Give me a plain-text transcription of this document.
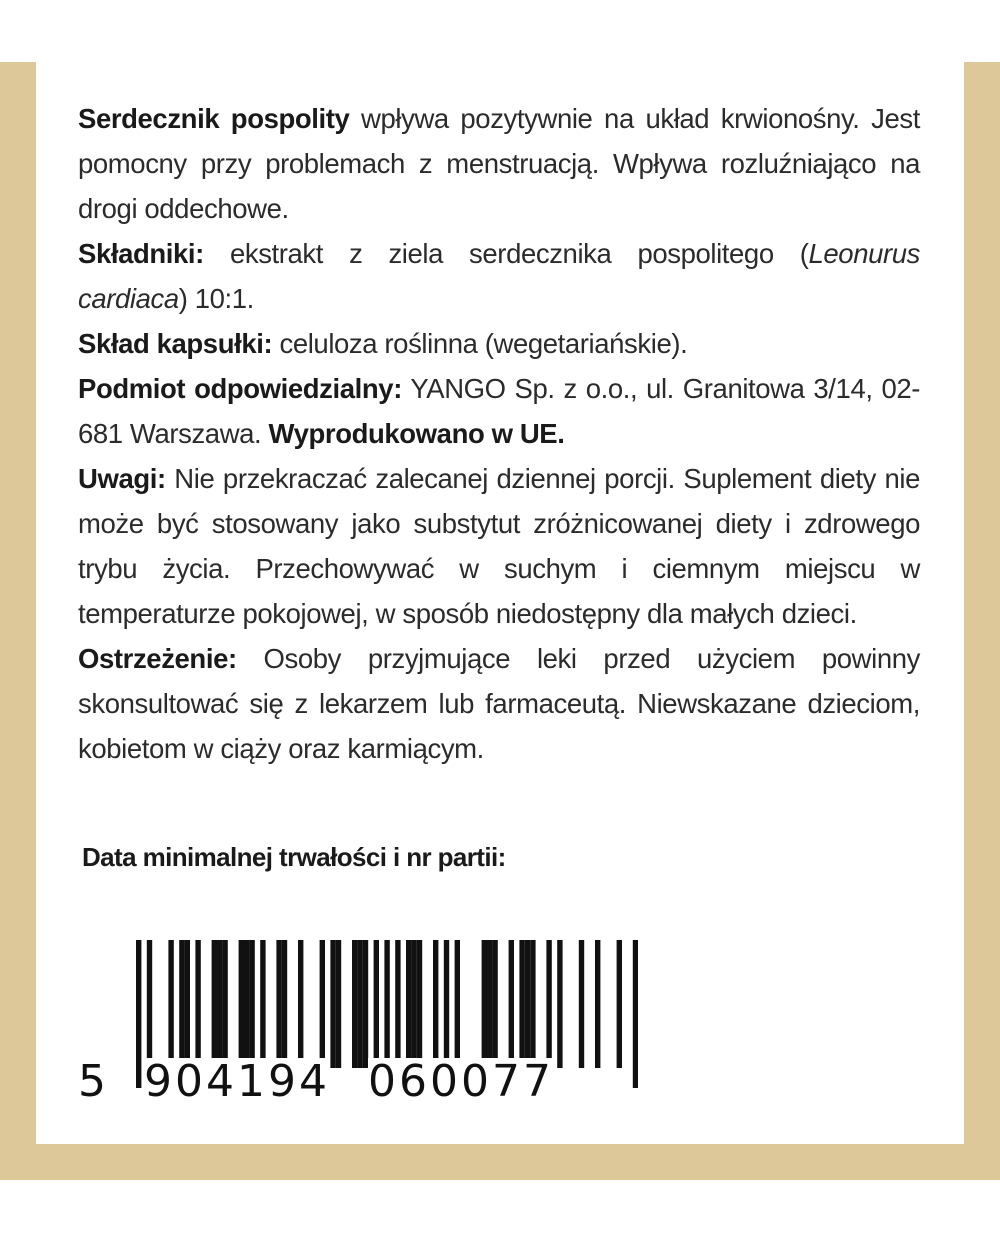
Serdecznik pospolity wpływa pozytywnie na układ krwionośny. Jest pomocny przy problemach z menstruacją. Wpływa rozluźniająco na drogi oddechowe.

Składniki: ekstrakt z ziela serdecznika pospolitego (Leonurus cardiaca) 10:1.

Skład kapsułki: celuloza roślinna (wegetariańskie).

Podmiot odpowiedzialny: YANGO Sp. z o.o., ul. Granitowa 3/14, 02-681 Warszawa. Wyprodukowano w UE.

Uwagi: Nie przekraczać zalecanej dziennej porcji. Suplement diety nie może być stosowany jako substytut zróżnicowanej diety i zdrowego trybu życia. Przechowywać w suchym i ciemnym miejscu w temperaturze pokojowej, w sposób niedostępny dla małych dzieci.

Ostrzeżenie: Osoby przyjmujące leki przed użyciem powinny skonsultować się z lekarzem lub farmaceutą. Niewskazane dzieciom, kobietom w ciąży oraz karmiącym.

Data minimalnej trwałości i nr partii:
5 904194 060077
